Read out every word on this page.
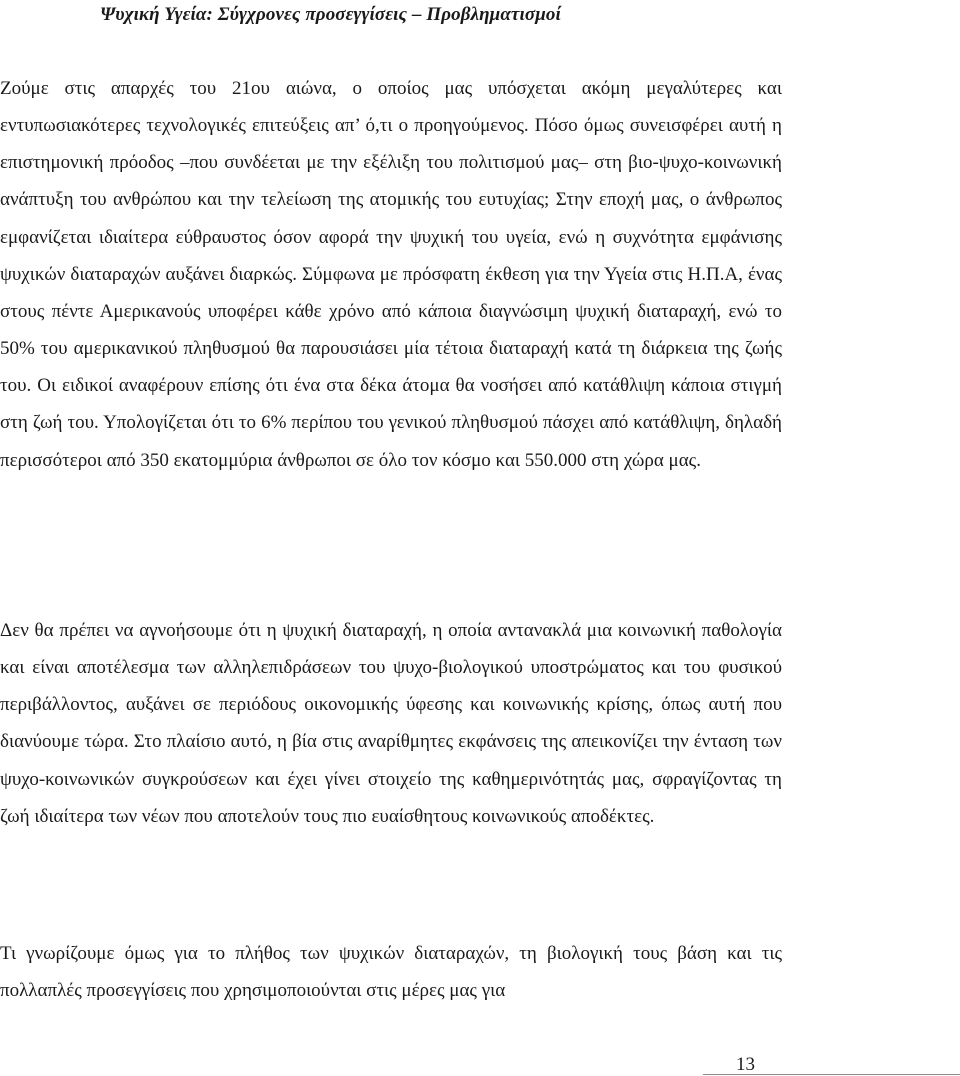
Ψυχική Υγεία: Σύγχρονες προσεγγίσεις – Προβληματισμοί

Ζούμε στις απαρχές του 21ου αιώνα, ο οποίος μας υπόσχεται ακόμη μεγαλύτερες και εντυπωσιακότερες τεχνολογικές επιτεύξεις απ’ ό,τι ο προηγούμενος. Πόσο όμως συνεισφέρει αυτή η επιστημονική πρόοδος –που συνδέεται με την εξέλιξη του πολιτισμού μας– στη βιο-ψυχο-κοινωνική ανάπτυξη του ανθρώπου και την τελείωση της ατομικής του ευτυχίας; Στην εποχή μας, ο άνθρωπος εμφανίζεται ιδιαίτερα εύθραυστος όσον αφορά την ψυχική του υγεία, ενώ η συχνότητα εμφάνισης ψυχικών διαταραχών αυξάνει διαρκώς. Σύμφωνα με πρόσφατη έκθεση για την Υγεία στις Η.Π.Α, ένας στους πέντε Αμερικανούς υποφέρει κάθε χρόνο από κάποια διαγνώσιμη ψυχική διαταραχή, ενώ το 50% του αμερικανικού πληθυσμού θα παρουσιάσει μία τέτοια διαταραχή κατά τη διάρκεια της ζωής του. Οι ειδικοί αναφέρουν επίσης ότι ένα στα δέκα άτομα θα νοσήσει από κατάθλιψη κάποια στιγμή στη ζωή του. Υπολογίζεται ότι το 6% περίπου του γενικού πληθυσμού πάσχει από κατάθλιψη, δηλαδή περισσότεροι από 350 εκατομμύρια άνθρωποι σε όλο τον κόσμο και 550.000 στη χώρα μας.

Δεν θα πρέπει να αγνοήσουμε ότι η ψυχική διαταραχή, η οποία αντανακλά μια κοινωνική παθολογία και είναι αποτέλεσμα των αλληλεπιδράσεων του ψυχο-βιολογικού υποστρώματος και του φυσικού περιβάλλοντος, αυξάνει σε περιόδους οικονομικής ύφεσης και κοινωνικής κρίσης, όπως αυτή που διανύουμε τώρα. Στο πλαίσιο αυτό, η βία στις αναρίθμητες εκφάνσεις της απεικονίζει την ένταση των ψυχο-κοινωνικών συγκρούσεων και έχει γίνει στοιχείο της καθημερινότητάς μας, σφραγίζοντας τη ζωή ιδιαίτερα των νέων που αποτελούν τους πιο ευαίσθητους κοινωνικούς αποδέκτες.

Τι γνωρίζουμε όμως για το πλήθος των ψυχικών διαταραχών, τη βιολογική τους βάση και τις πολλαπλές προσεγγίσεις που χρησιμοποιούνται στις μέρες μας για

13
